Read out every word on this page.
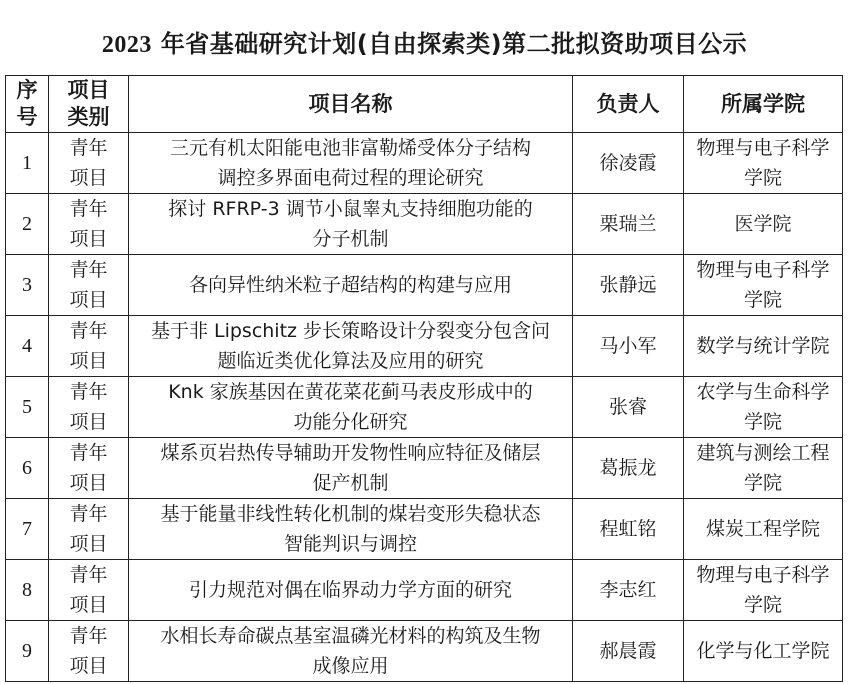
2023 年省基础研究计划(自由探索类)第二批拟资助项目公示
序
号	项目
类别	项目名称	负责人	所属学院

1	青年
项目	三元有机太阳能电池非富勒烯受体分子结构
调控多界面电荷过程的理论研究	徐凌霞	物理与电子科学
学院

2	青年
项目	探讨 RFRP-3 调节小鼠睾丸支持细胞功能的
分子机制	栗瑞兰	医学院

3	青年
项目	各向异性纳米粒子超结构的构建与应用	张静远	物理与电子科学
学院

4	青年
项目	基于非 Lipschitz 步长策略设计分裂变分包含问
题临近类优化算法及应用的研究	马小军	数学与统计学院

5	青年
项目	Knk 家族基因在黄花菜花蓟马表皮形成中的
功能分化研究	张睿	农学与生命科学
学院

6	青年
项目	煤系页岩热传导辅助开发物性响应特征及储层
促产机制	葛振龙	建筑与测绘工程
学院

7	青年
项目	基于能量非线性转化机制的煤岩变形失稳状态
智能判识与调控	程虹铭	煤炭工程学院

8	青年
项目	引力规范对偶在临界动力学方面的研究	李志红	物理与电子科学
学院

9	青年
项目	水相长寿命碳点基室温磷光材料的构筑及生物
成像应用	郝晨霞	化学与化工学院
